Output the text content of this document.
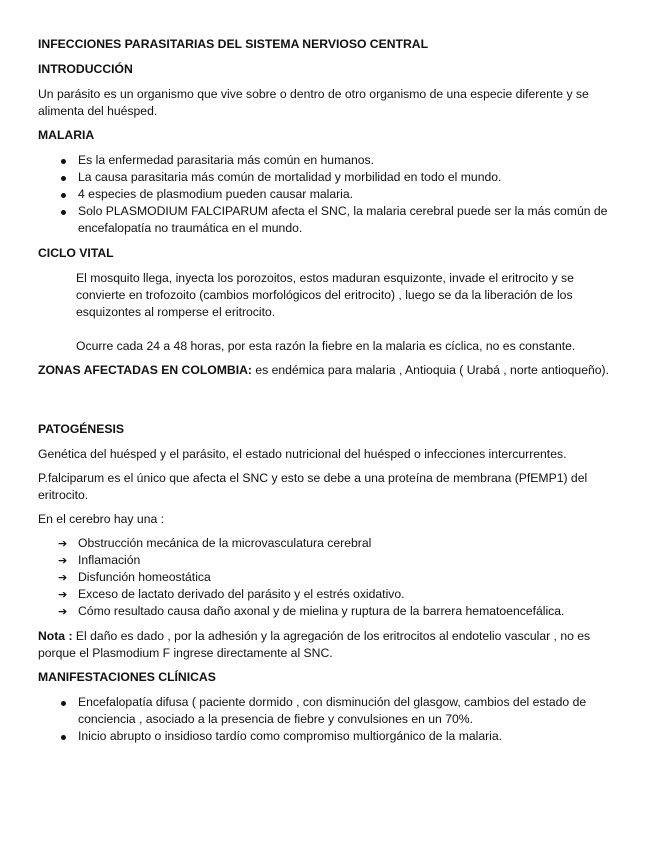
INFECCIONES PARASITARIAS DEL SISTEMA NERVIOSO CENTRAL
INTRODUCCIÓN
Un parásito es un organismo que vive sobre o dentro de otro organismo de una especie diferente y se alimenta del huésped.
MALARIA
Es la enfermedad parasitaria más común en humanos.
La causa parasitaria más común de mortalidad y morbilidad en todo el mundo.
4 especies de plasmodium pueden causar malaria.
Solo PLASMODIUM FALCIPARUM afecta el SNC, la malaria cerebral puede ser la más común de encefalopatía no traumática en el mundo.
CICLO VITAL
El mosquito llega, inyecta los porozoitos, estos maduran esquizonte, invade el eritrocito y se convierte en trofozoito (cambios morfológicos del eritrocito) , luego se da la liberación de los esquizontes al romperse el eritrocito.
Ocurre cada 24 a 48 horas, por esta razón la fiebre en la malaria es cíclica, no es constante.
ZONAS AFECTADAS EN COLOMBIA: es endémica para malaria , Antioquia ( Urabá , norte antioqueño).
PATOGÉNESIS
Genética del huésped y el parásito, el estado nutricional del huésped o infecciones intercurrentes.
P.falciparum es el único que afecta el SNC y esto se debe a una proteína de membrana (PfEMP1) del eritrocito.
En el cerebro hay una :
➔ Obstrucción mecánica de la microvasculatura cerebral
➔ Inflamación
➔ Disfunción homeostática
➔ Exceso de lactato derivado del parásito y el estrés oxidativo.
➔ Cómo resultado causa daño axonal y de mielina y ruptura de la barrera hematoencefálica.
Nota : El daño es dado , por la adhesión y la agregación de los eritrocitos al endotelio vascular , no es porque el Plasmodium F ingrese directamente al SNC.
MANIFESTACIONES CLÍNICAS
Encefalopatía difusa ( paciente dormido , con disminución del glasgow, cambios del estado de conciencia , asociado a la presencia de fiebre y convulsiones en un 70%.
Inicio abrupto o insidioso tardío como compromiso multiorgánico de la malaria.
